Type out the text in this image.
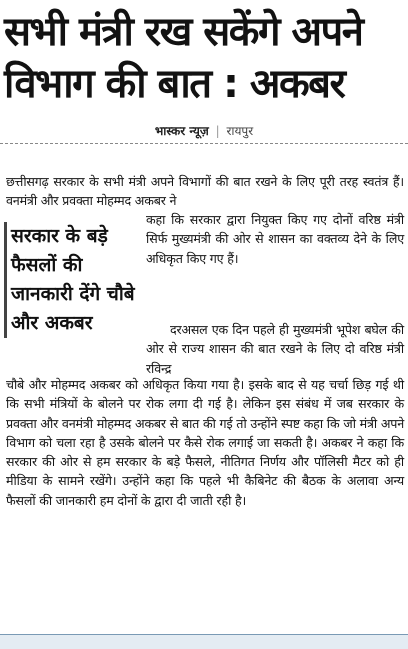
सभी मंत्री रख सकेंगे अपने
विभाग की बात : अकबर
भास्कर न्यूज़ | रायपुर
छत्तीसगढ़ सरकार के सभी मंत्री अपने विभागों की बात रखने के लिए पूरी तरह स्वतंत्र हैं। वनमंत्री और प्रवक्ता मोहम्मद अकबर ने
सरकार के बड़े फैसलों की जानकारी देंगे चौबे और अकबर
कहा कि सरकार द्वारा नियुक्त किए गए दोनों वरिष्ठ मंत्री सिर्फ मुख्यमंत्री की ओर से शासन का वक्तव्य देने के लिए अधिकृत किए गए हैं।
दरअसल एक दिन पहले ही मुख्यमंत्री भूपेश बघेल की ओर से राज्य शासन की बात रखने के लिए दो वरिष्ठ मंत्री रविन्द्र
चौबे और मोहम्मद अकबर को अधिकृत किया गया है। इसके बाद से यह चर्चा छिड़ गई थी कि सभी मंत्रियों के बोलने पर रोक लगा दी गई है। लेकिन इस संबंध में जब सरकार के प्रवक्ता और वनमंत्री मोहम्मद अकबर से बात की गई तो उन्होंने स्पष्ट कहा कि जो मंत्री अपने विभाग को चला रहा है उसके बोलने पर कैसे रोक लगाई जा सकती है। अकबर ने कहा कि सरकार की ओर से हम सरकार के बड़े फैसले, नीतिगत निर्णय और पॉलिसी मैटर को ही मीडिया के सामने रखेंगे। उन्होंने कहा कि पहले भी कैबिनेट की बैठक के अलावा अन्य फैसलों की जानकारी हम दोनों के द्वारा दी जाती रही है।
